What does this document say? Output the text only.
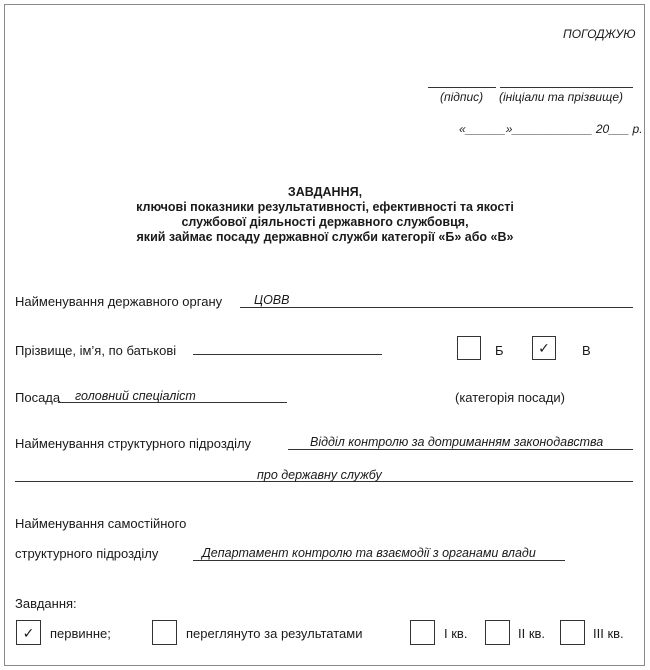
ПОГОДЖУЮ
(підпис) (ініціали та прізвище)
«______»____________ 20___ р.
ЗАВДАННЯ,
ключові показники результативності, ефективності та якості
службової діяльності державного службовця,
який займає посаду державної служби категорії «Б» або «В»
Найменування державного органу	ЦОВВ
Прізвище, ім’я, по батькові	Б ✓ В
Посада головний спеціаліст	(категорія посади)
Найменування структурного підрозділу	Відділ контролю за дотриманням законодавства
про державну службу
Найменування самостійного
структурного підрозділу	Департамент контролю та взаємодії з органами влади
Завдання:
✓ первинне;	переглянуто за результатами	І кв.	ІІ кв.	ІІІ кв.
